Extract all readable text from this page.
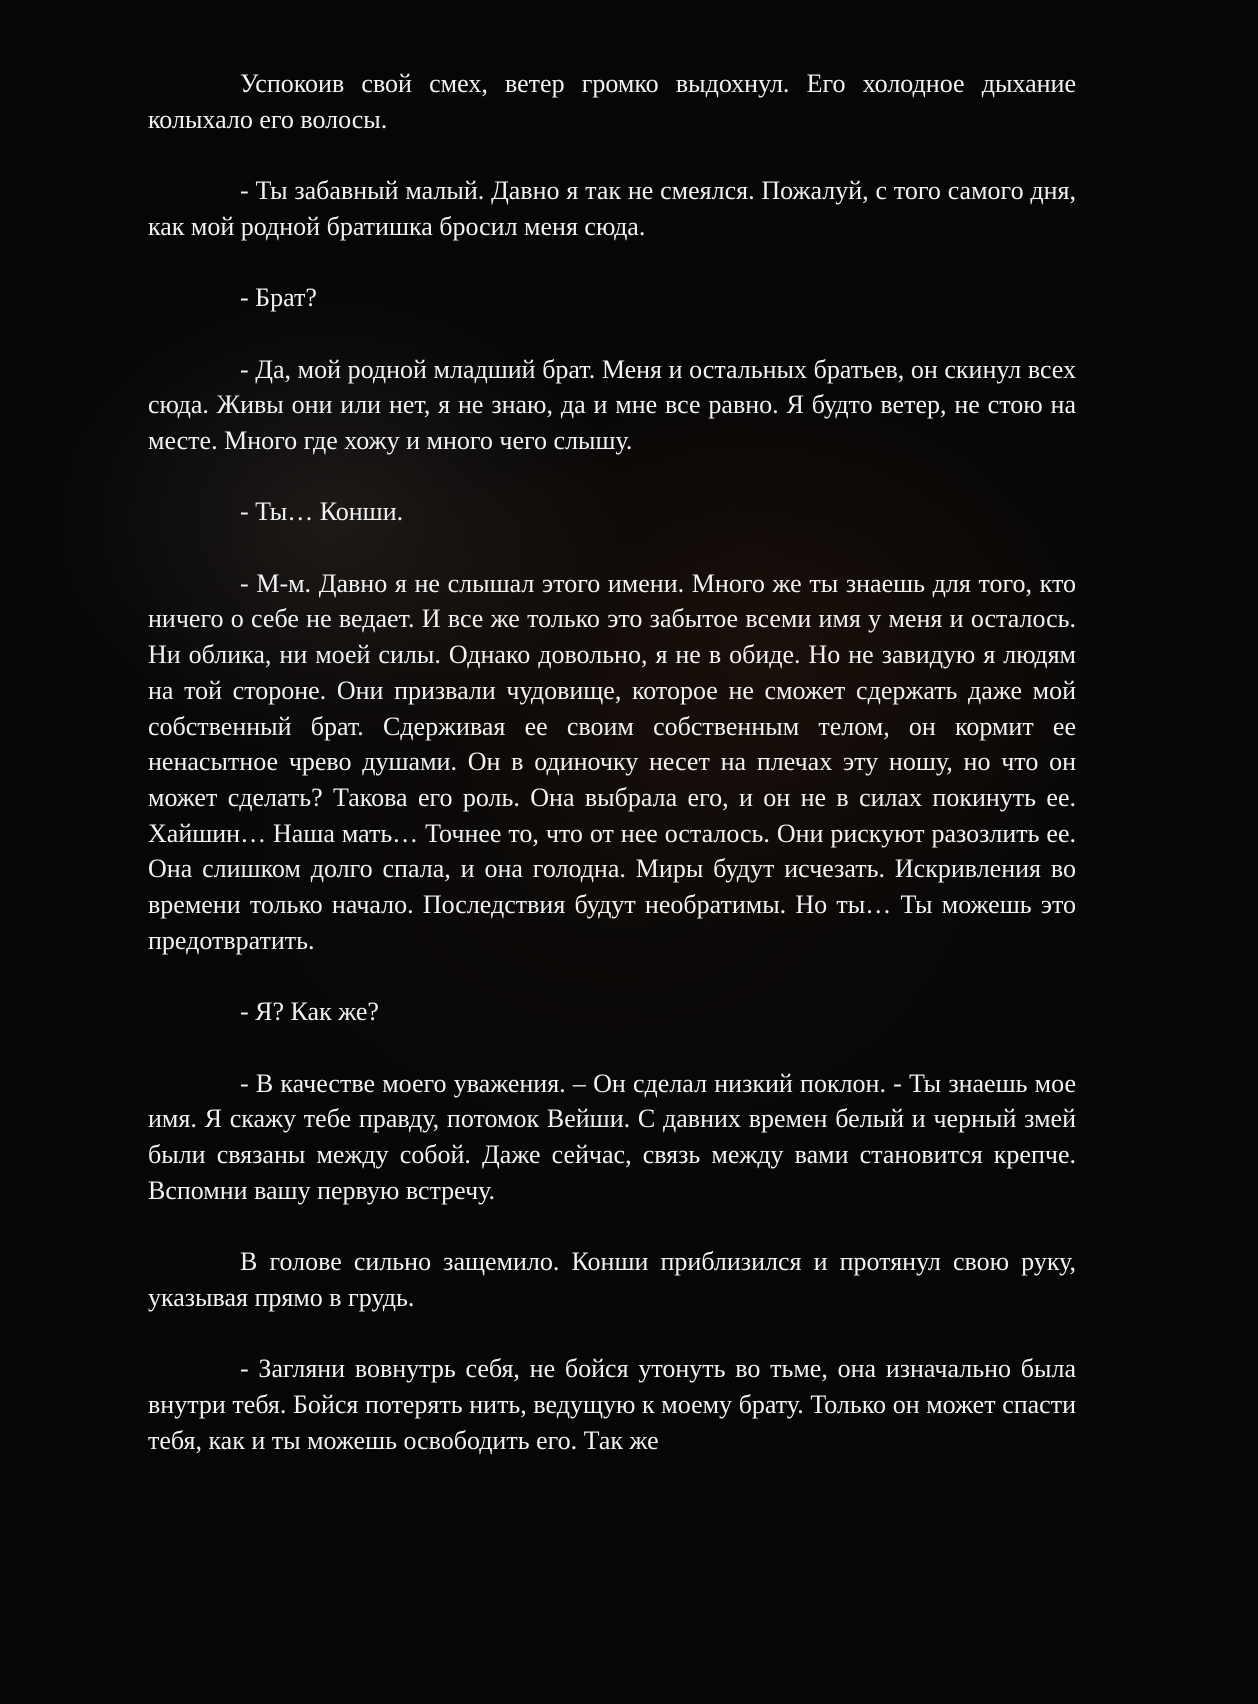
Успокоив свой смех, ветер громко выдохнул. Его холодное дыхание колыхало его волосы.

- Ты забавный малый. Давно я так не смеялся. Пожалуй, с того самого дня, как мой родной братишка бросил меня сюда.

- Брат?

- Да, мой родной младший брат. Меня и остальных братьев, он скинул всех сюда. Живы они или нет, я не знаю, да и мне все равно. Я будто ветер, не стою на месте. Много где хожу и много чего слышу.

- Ты… Конши.

- М-м. Давно я не слышал этого имени. Много же ты знаешь для того, кто ничего о себе не ведает. И все же только это забытое всеми имя у меня и осталось. Ни облика, ни моей силы. Однако довольно, я не в обиде. Но не завидую я людям на той стороне. Они призвали чудовище, которое не сможет сдержать даже мой собственный брат. Сдерживая ее своим собственным телом, он кормит ее ненасытное чрево душами. Он в одиночку несет на плечах эту ношу, но что он может сделать? Такова его роль. Она выбрала его, и он не в силах покинуть ее. Хайшин… Наша мать… Точнее то, что от нее осталось. Они рискуют разозлить ее. Она слишком долго спала, и она голодна. Миры будут исчезать. Искривления во времени только начало. Последствия будут необратимы. Но ты… Ты можешь это предотвратить.

- Я? Как же?

- В качестве моего уважения. – Он сделал низкий поклон. - Ты знаешь мое имя. Я скажу тебе правду, потомок Вейши. С давних времен белый и черный змей были связаны между собой. Даже сейчас, связь между вами становится крепче. Вспомни вашу первую встречу.

В голове сильно защемило. Конши приблизился и протянул свою руку, указывая прямо в грудь.

- Загляни вовнутрь себя, не бойся утонуть во тьме, она изначально была внутри тебя. Бойся потерять нить, ведущую к моему брату. Только он может спасти тебя, как и ты можешь освободить его. Так же
